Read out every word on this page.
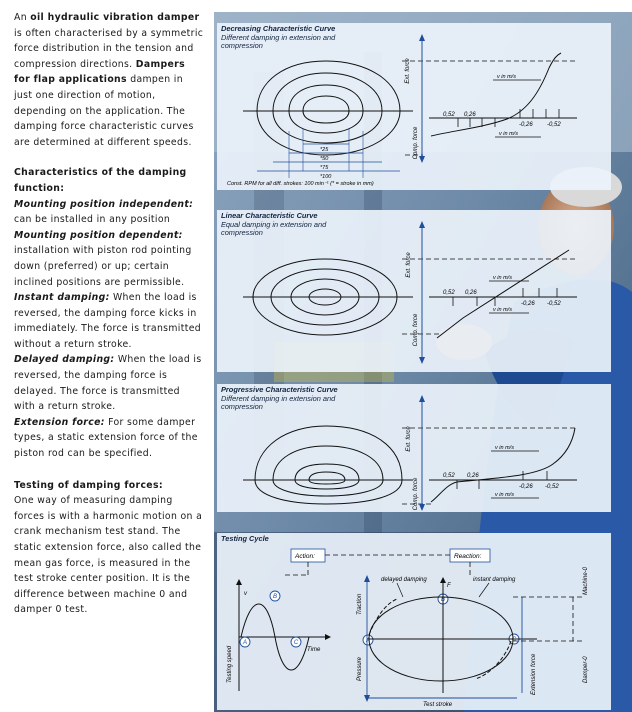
An oil hydraulic vibration damper is often characterised by a symmetric force distribution in the tension and compression directions. Dampers for flap applications dampen in just one direction of motion, depending on the application. The damping force characteristic curves are determined at different speeds.

Characteristics of the damping function:

Mounting position independent: can be installed in any position

Mounting position dependent: installation with piston rod pointing down (preferred) or up; certain inclined positions are permissible.

Instant damping: When the load is reversed, the damping force kicks in immediately. The force is transmitted without a return stroke.

Delayed damping: When the load is reversed, the damping force is delayed. The force is transmitted with a return stroke.

Extension force: For some damper types, a static extension force of the piston rod can be specified.

Testing of damping forces:

One way of measuring damping forces is with a harmonic motion on a crank mechanism test stand. The static extension force, also called the mean gas force, is measured in the test stroke center position. It is the difference between machine 0 and damper 0 test.

Decreasing Characteristic Curve
Different damping in extension and compression
Ext. force
Comp. force
v in m/s
v in m/s
0,52 0,26
-0,26 -0,52
*25
*50
*75
*100
Const. RPM for all diff. strokes: 100 min⁻¹ (* = stroke in mm)
Linear Characteristic Curve
Equal damping in extension and compression
Ext. force
Comp. force
v in m/s
v in m/s
0,52 0,26
-0,26 -0,52
Progressive Characteristic Curve
Different damping in extension and compression
Ext. force
Comp. force
v in m/s
v in m/s
0,52 0,26
-0,26 -0,52
Testing Cycle
Action:	Reaction:
v
Time
Testing speed
A
B
C	A
B
C
F
delayed damping	instant damping
Traction
Pressure	Extension force
Machine-0
Damper-0
Test stroke
